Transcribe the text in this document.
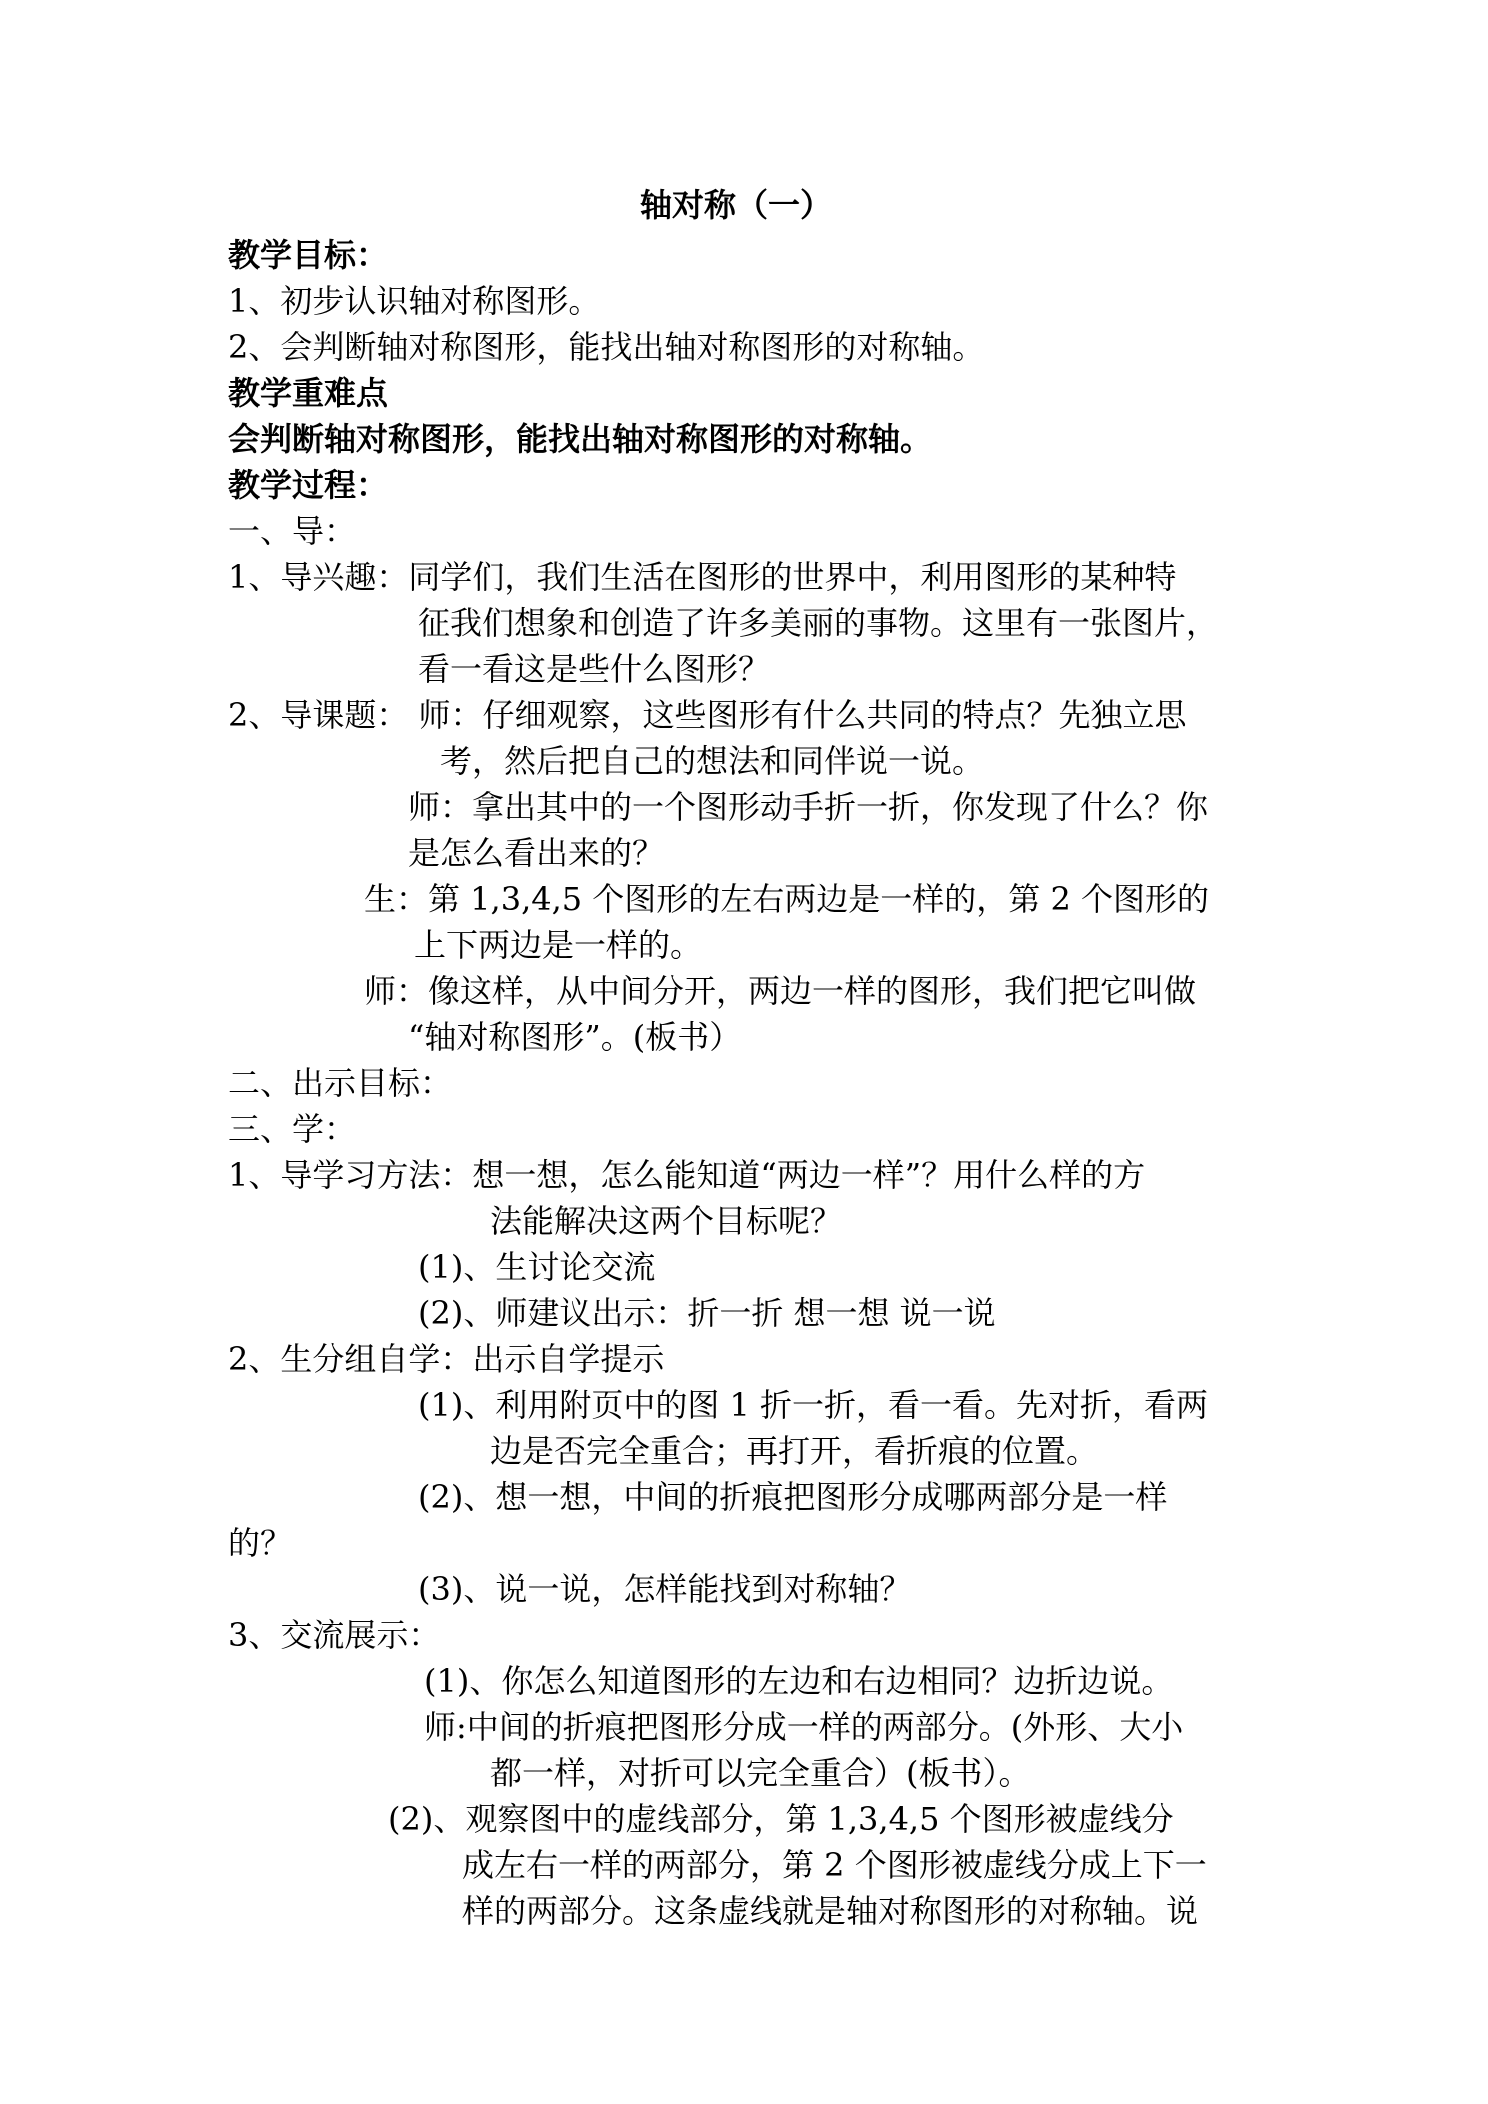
轴对称（一）
教学目标：
1、初步认识轴对称图形。
2、会判断轴对称图形，能找出轴对称图形的对称轴。
教学重难点
会判断轴对称图形，能找出轴对称图形的对称轴。
教学过程：
一、导：
1、导兴趣：同学们，我们生活在图形的世界中，利用图形的某种特
征我们想象和创造了许多美丽的事物。这里有一张图片，
看一看这是些什么图形？
2、导课题： 师：仔细观察，这些图形有什么共同的特点？先独立思
考，然后把自己的想法和同伴说一说。
师：拿出其中的一个图形动手折一折，你发现了什么？你
是怎么看出来的？
生：第 1,3,4,5 个图形的左右两边是一样的，第 2 个图形的
上下两边是一样的。
师：像这样，从中间分开，两边一样的图形，我们把它叫做
“轴对称图形”。(板书）
二、出示目标：
三、学：
1、导学习方法：想一想，怎么能知道“两边一样”？用什么样的方
法能解决这两个目标呢？
(1)、生讨论交流
(2)、师建议出示：折一折 想一想 说一说
2、生分组自学：出示自学提示
(1)、利用附页中的图 1 折一折，看一看。先对折，看两
边是否完全重合；再打开，看折痕的位置。
(2)、想一想，中间的折痕把图形分成哪两部分是一样
的？
(3)、说一说，怎样能找到对称轴？
3、交流展示：
(1)、你怎么知道图形的左边和右边相同？边折边说。
师:中间的折痕把图形分成一样的两部分。(外形、大小
都一样，对折可以完全重合）(板书）。
(2)、观察图中的虚线部分，第 1,3,4,5 个图形被虚线分
成左右一样的两部分，第 2 个图形被虚线分成上下一
样的两部分。这条虚线就是轴对称图形的对称轴。说
